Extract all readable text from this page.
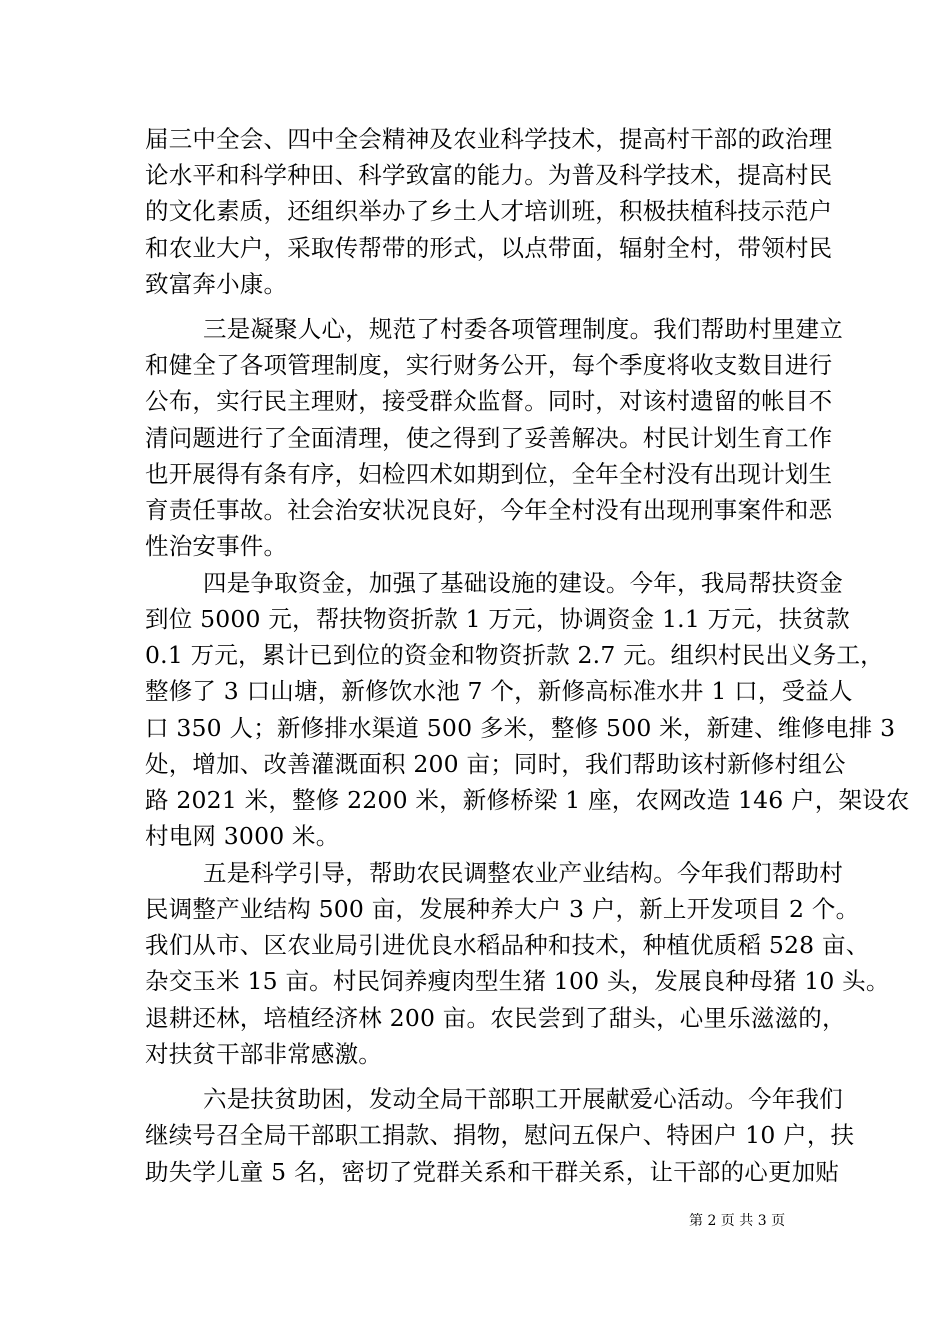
届三中全会、四中全会精神及农业科学技术，提高村干部的政治理
论水平和科学种田、科学致富的能力。为普及科学技术，提高村民
的文化素质，还组织举办了乡土人才培训班，积极扶植科技示范户
和农业大户，采取传帮带的形式，以点带面，辐射全村，带领村民
致富奔小康。
三是凝聚人心，规范了村委各项管理制度。我们帮助村里建立
和健全了各项管理制度，实行财务公开，每个季度将收支数目进行
公布，实行民主理财，接受群众监督。同时，对该村遗留的帐目不
清问题进行了全面清理，使之得到了妥善解决。村民计划生育工作
也开展得有条有序，妇检四术如期到位，全年全村没有出现计划生
育责任事故。社会治安状况良好，今年全村没有出现刑事案件和恶
性治安事件。
四是争取资金，加强了基础设施的建设。今年，我局帮扶资金
到位 5000 元，帮扶物资折款 1 万元，协调资金 1.1 万元，扶贫款
0.1 万元，累计已到位的资金和物资折款 2.7 元。组织村民出义务工，
整修了 3 口山塘，新修饮水池 7 个，新修高标准水井 1 口，受益人
口 350 人；新修排水渠道 500 多米，整修 500 米，新建、维修电排 3
处，增加、改善灌溉面积 200 亩；同时，我们帮助该村新修村组公
路 2021 米，整修 2200 米，新修桥梁 1 座，农网改造 146 户，架设农
村电网 3000 米。
五是科学引导，帮助农民调整农业产业结构。今年我们帮助村
民调整产业结构 500 亩，发展种养大户 3 户，新上开发项目 2 个。
我们从市、区农业局引进优良水稻品种和技术，种植优质稻 528 亩、
杂交玉米 15 亩。村民饲养瘦肉型生猪 100 头，发展良种母猪 10 头。
退耕还林，培植经济林 200 亩。农民尝到了甜头，心里乐滋滋的，
对扶贫干部非常感激。
六是扶贫助困，发动全局干部职工开展献爱心活动。今年我们
继续号召全局干部职工捐款、捐物，慰问五保户、特困户 10 户，扶
助失学儿童 5 名，密切了党群关系和干群关系，让干部的心更加贴
第 2 页 共 3 页
